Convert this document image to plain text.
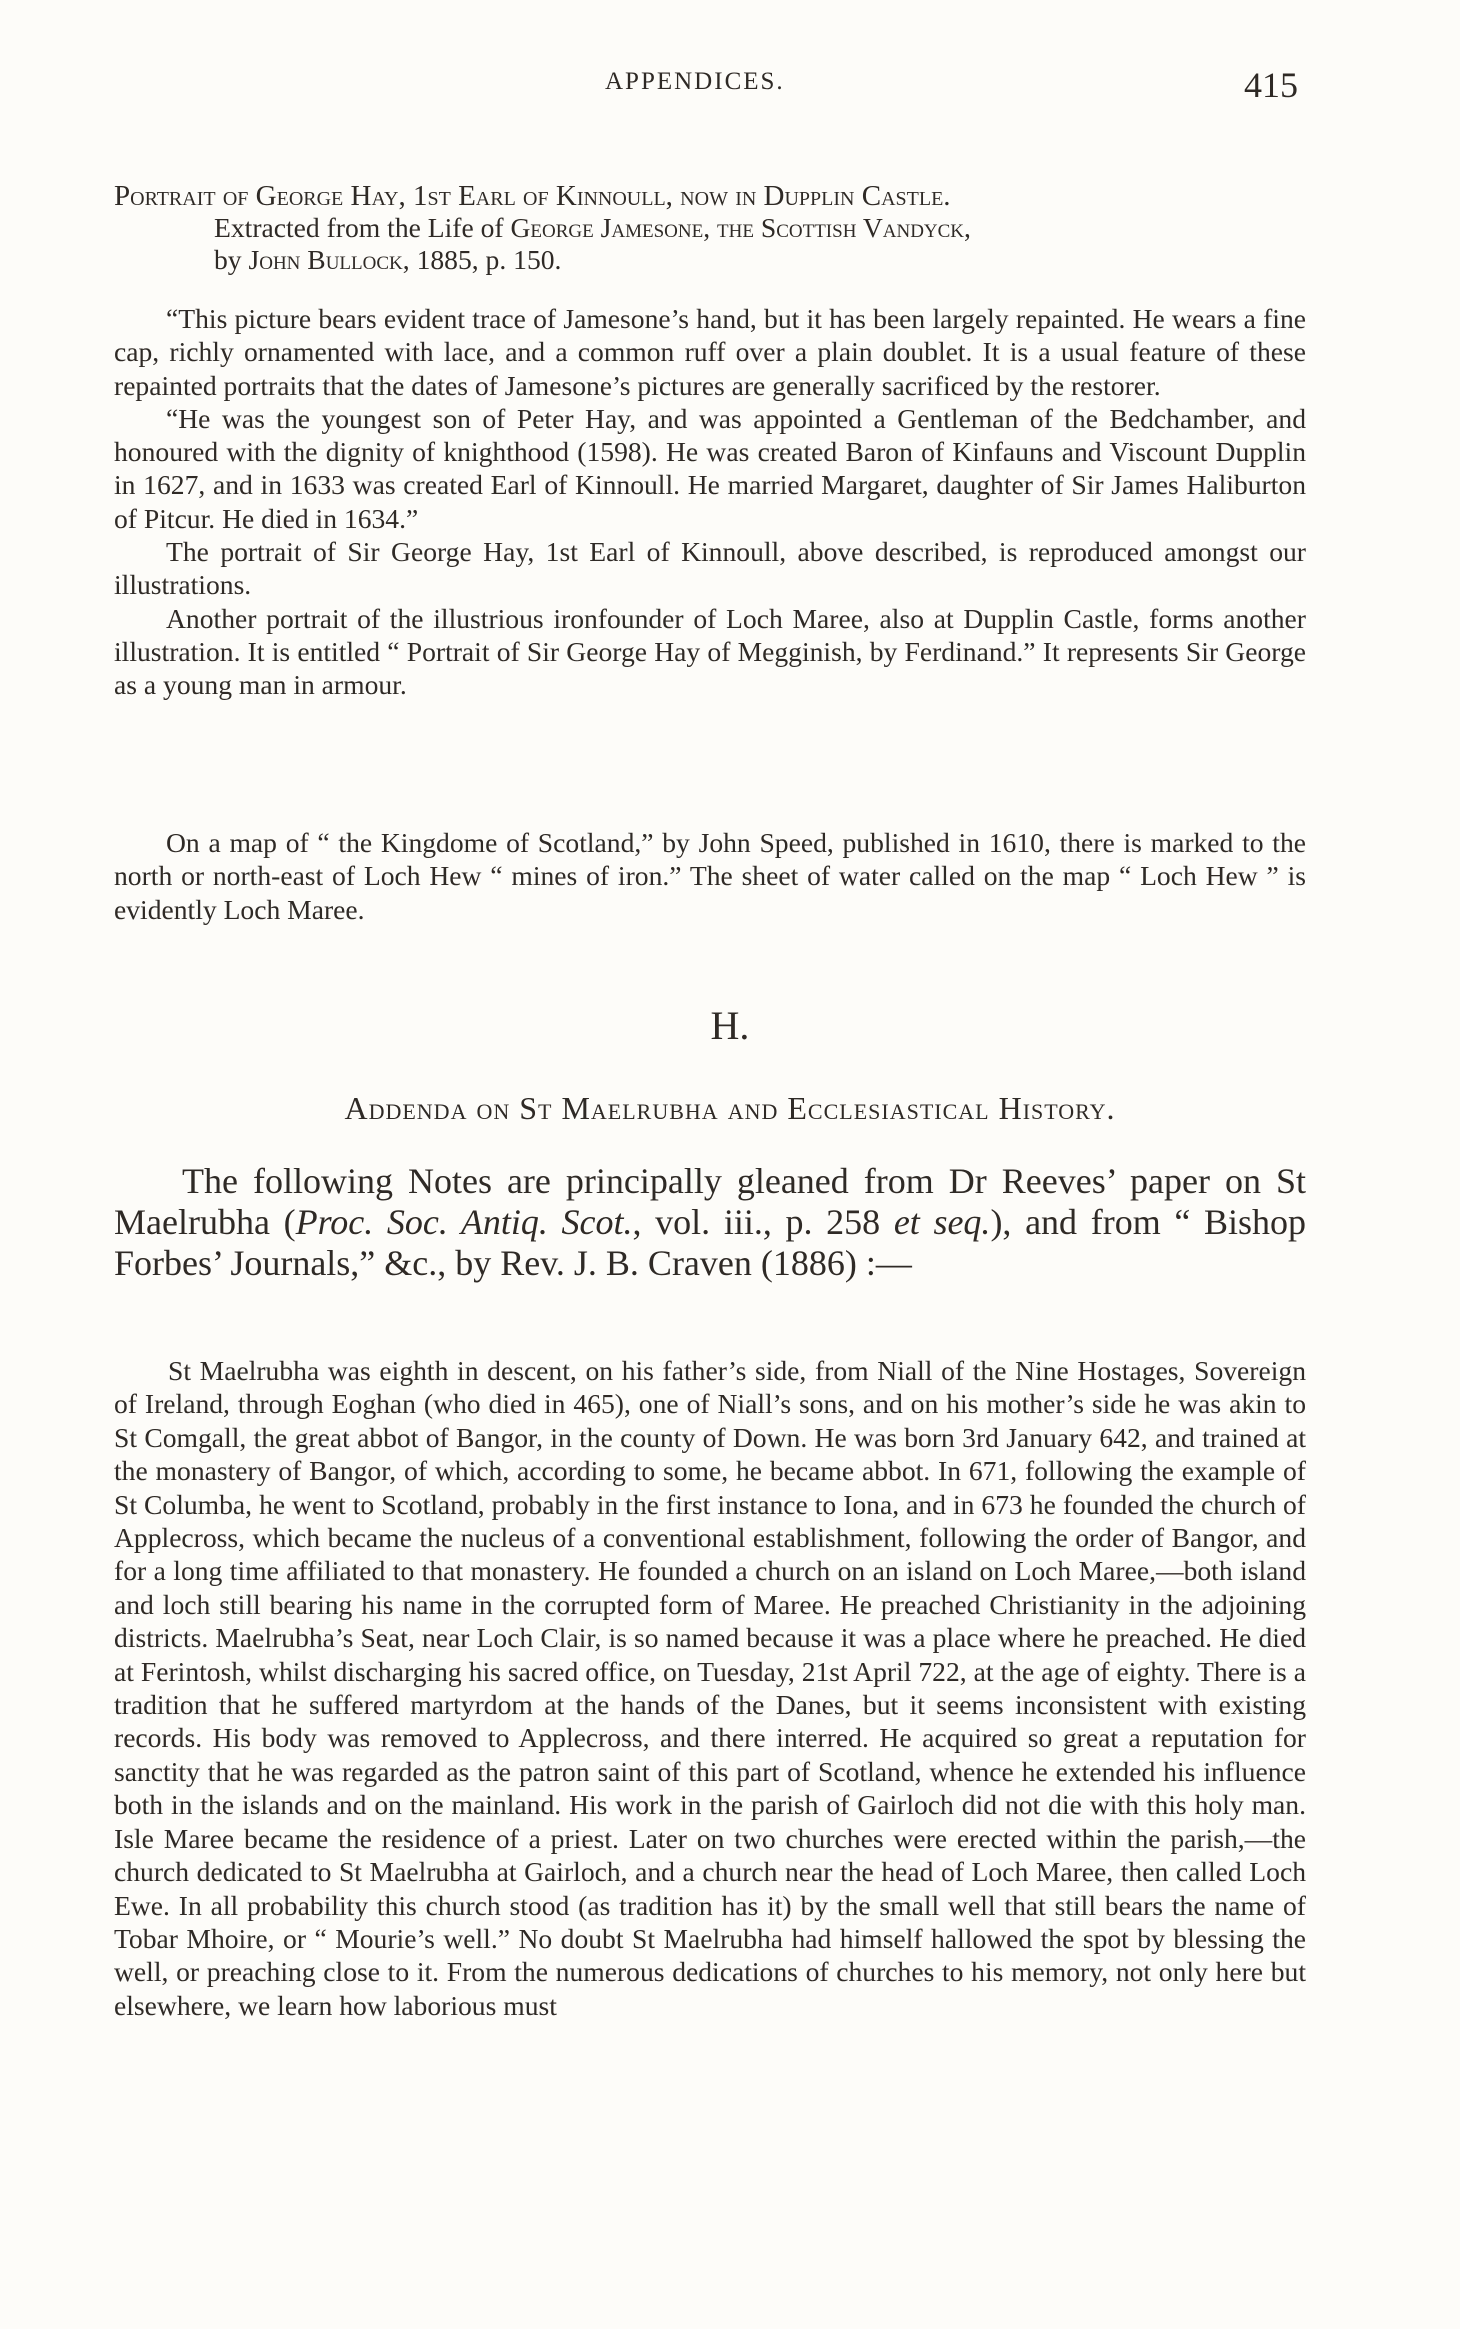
APPENDICES.	415
Portrait of George Hay, 1st Earl of Kinnoull, now in Dupplin Castle.
Extracted from the Life of George Jamesone, the Scottish Vandyck,
by John Bullock, 1885, p. 150.

“This picture bears evident trace of Jamesone’s hand, but it has been largely repainted. He wears a fine cap, richly ornamented with lace, and a common ruff over a plain doublet. It is a usual feature of these repainted portraits that the dates of Jamesone’s pictures are generally sacrificed by the restorer.

“He was the youngest son of Peter Hay, and was appointed a Gentleman of the Bedchamber, and honoured with the dignity of knighthood (1598). He was created Baron of Kinfauns and Viscount Dupplin in 1627, and in 1633 was created Earl of Kinnoull. He married Margaret, daughter of Sir James Haliburton of Pitcur. He died in 1634.”

The portrait of Sir George Hay, 1st Earl of Kinnoull, above described, is reproduced amongst our illustrations.

Another portrait of the illustrious ironfounder of Loch Maree, also at Dupplin Castle, forms another illustration. It is entitled “ Portrait of Sir George Hay of Megginish, by Ferdinand.” It represents Sir George as a young man in armour.

On a map of “ the Kingdome of Scotland,” by John Speed, published in 1610, there is marked to the north or north-east of Loch Hew “ mines of iron.” The sheet of water called on the map “ Loch Hew ” is evidently Loch Maree.

H.
Addenda on St Maelrubha and Ecclesiastical History.

The following Notes are principally gleaned from Dr Reeves’ paper on St Maelrubha (Proc. Soc. Antiq. Scot., vol. iii., p. 258 et seq.), and from “ Bishop Forbes’ Journals,” &c., by Rev. J. B. Craven (1886) :—

St Maelrubha was eighth in descent, on his father’s side, from Niall of the Nine Hostages, Sovereign of Ireland, through Eoghan (who died in 465), one of Niall’s sons, and on his mother’s side he was akin to St Comgall, the great abbot of Bangor, in the county of Down. He was born 3rd January 642, and trained at the monastery of Bangor, of which, according to some, he became abbot. In 671, following the example of St Columba, he went to Scotland, probably in the first instance to Iona, and in 673 he founded the church of Applecross, which became the nucleus of a conventional establishment, following the order of Bangor, and for a long time affiliated to that monastery. He founded a church on an island on Loch Maree,—both island and loch still bearing his name in the corrupted form of Maree. He preached Christianity in the adjoining districts. Maelrubha’s Seat, near Loch Clair, is so named because it was a place where he preached. He died at Ferintosh, whilst discharging his sacred office, on Tuesday, 21st April 722, at the age of eighty. There is a tradition that he suffered martyrdom at the hands of the Danes, but it seems inconsistent with existing records. His body was removed to Applecross, and there interred. He acquired so great a reputation for sanctity that he was regarded as the patron saint of this part of Scotland, whence he extended his influence both in the islands and on the mainland. His work in the parish of Gairloch did not die with this holy man. Isle Maree became the residence of a priest. Later on two churches were erected within the parish,—the church dedicated to St Maelrubha at Gairloch, and a church near the head of Loch Maree, then called Loch Ewe. In all probability this church stood (as tradition has it) by the small well that still bears the name of Tobar Mhoire, or “ Mourie’s well.” No doubt St Maelrubha had himself hallowed the spot by blessing the well, or preaching close to it. From the numerous dedications of churches to his memory, not only here but elsewhere, we learn how laborious must
